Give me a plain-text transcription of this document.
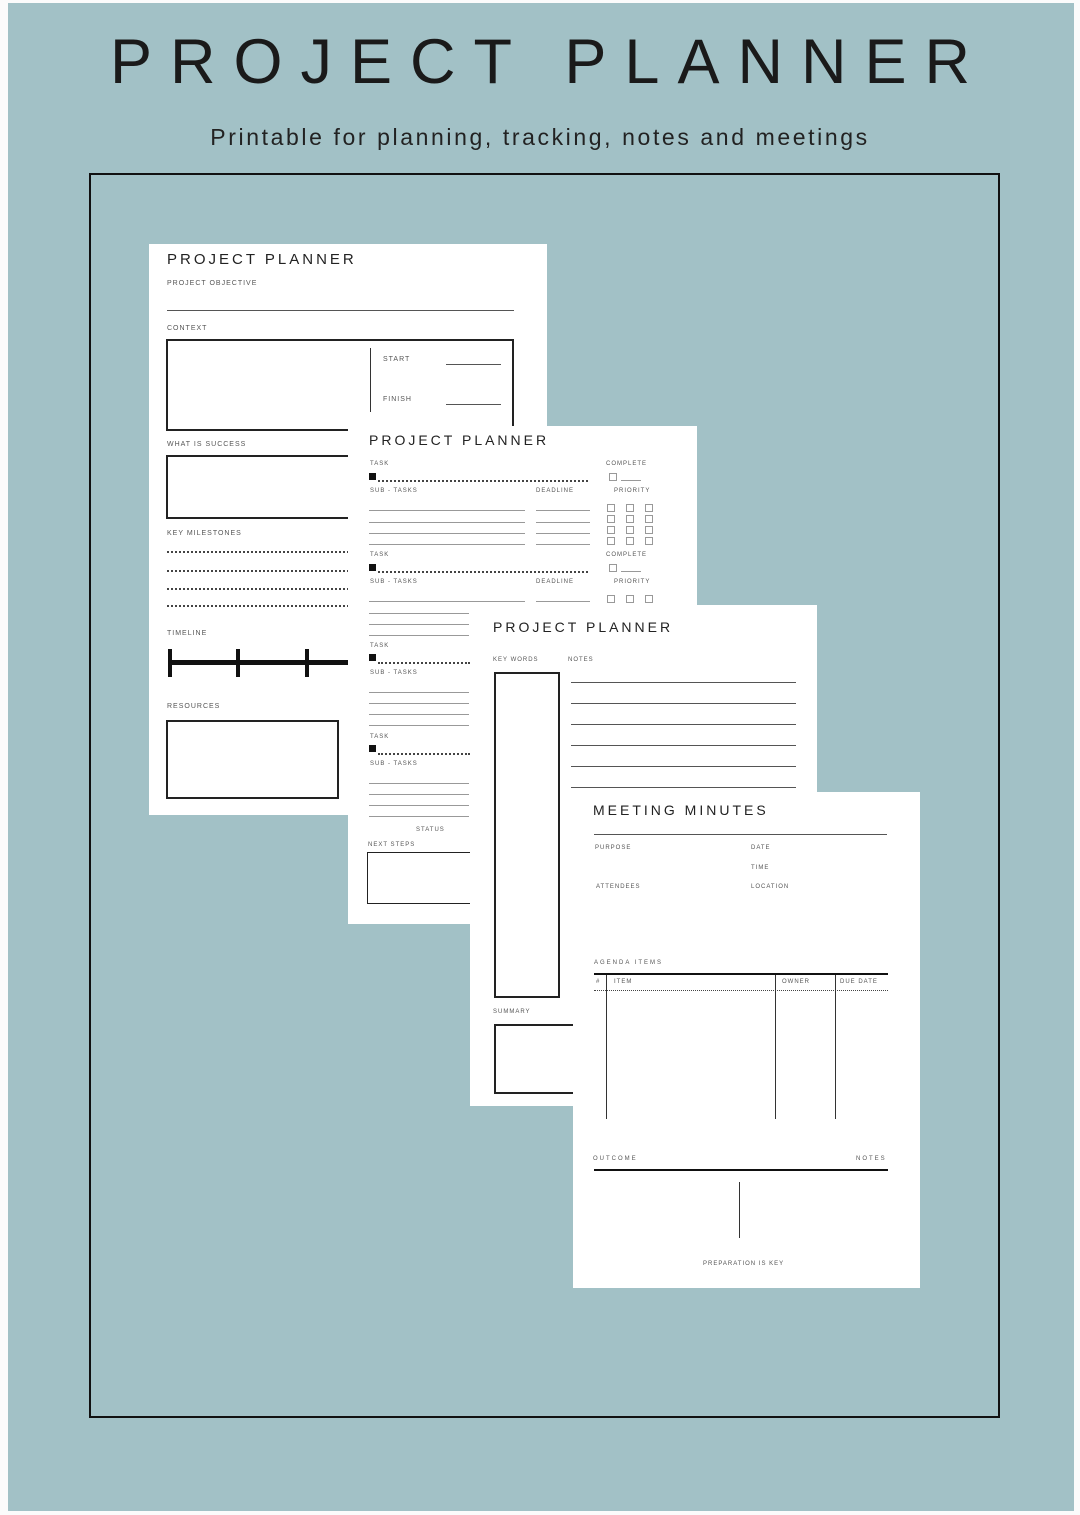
PROJECT PLANNER
Printable for planning, tracking, notes and meetings
PROJECT PLANNER
PROJECT OBJECTIVE
CONTEXT
START
FINISH
WHAT IS SUCCESS
KEY MILESTONES
TIMELINE
RESOURCES
PROJECT PLANNER
TASK	COMPLETE
SUB - TASKS	DEADLINE	PRIORITY
TASK	COMPLETE
SUB - TASKS	DEADLINE	PRIORITY
TASK
SUB - TASKS
TASK
SUB - TASKS
STATUS
NEXT STEPS
PROJECT PLANNER
KEY WORDS	NOTES
SUMMARY
MEETING MINUTES
PURPOSE	DATE
TIME
ATTENDEES	LOCATION
AGENDA ITEMS
# ITEM	OWNER	DUE DATE
OUTCOME	NOTES
PREPARATION IS KEY
